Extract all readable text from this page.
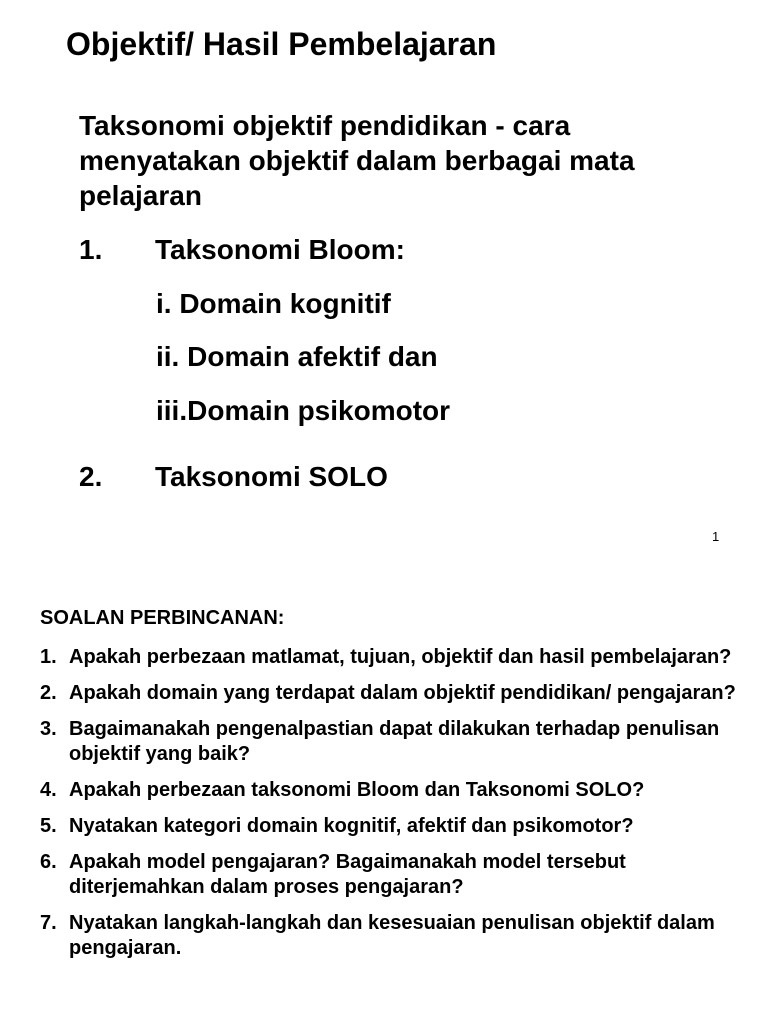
Objektif/ Hasil Pembelajaran
Taksonomi objektif pendidikan - cara menyatakan objektif dalam berbagai mata pelajaran
1. Taksonomi Bloom:
i. Domain kognitif
ii. Domain afektif dan
iii.Domain psikomotor
2. Taksonomi SOLO
1
SOALAN PERBINCANAN:
1. Apakah perbezaan matlamat, tujuan, objektif dan hasil pembelajaran?
2. Apakah domain yang terdapat dalam objektif pendidikan/ pengajaran?
3. Bagaimanakah pengenalpastian dapat dilakukan terhadap penulisan objektif yang baik?
4. Apakah perbezaan taksonomi Bloom dan Taksonomi SOLO?
5. Nyatakan kategori domain kognitif, afektif dan psikomotor?
6. Apakah model pengajaran? Bagaimanakah model tersebut diterjemahkan dalam proses pengajaran?
7. Nyatakan langkah-langkah dan kesesuaian penulisan objektif dalam pengajaran.
